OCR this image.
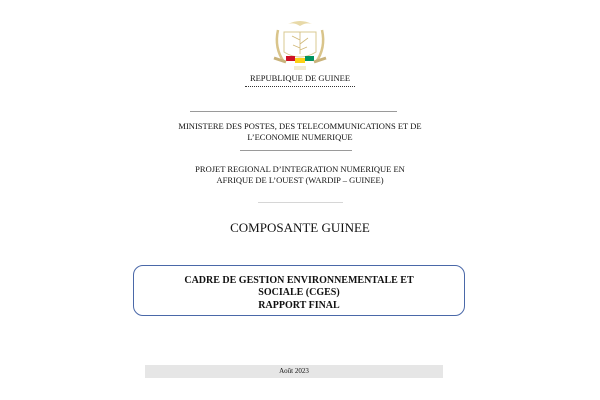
REPUBLIQUE DE GUINEE
MINISTERE DES POSTES, DES TELECOMMUNICATIONS ET DE
L’ECONOMIE NUMERIQUE
PROJET REGIONAL D’INTEGRATION NUMERIQUE EN
AFRIQUE DE L’OUEST (WARDIP – GUINEE)
COMPOSANTE GUINEE
CADRE DE GESTION ENVIRONNEMENTALE ET
SOCIALE (CGES)
RAPPORT FINAL
Août 2023
